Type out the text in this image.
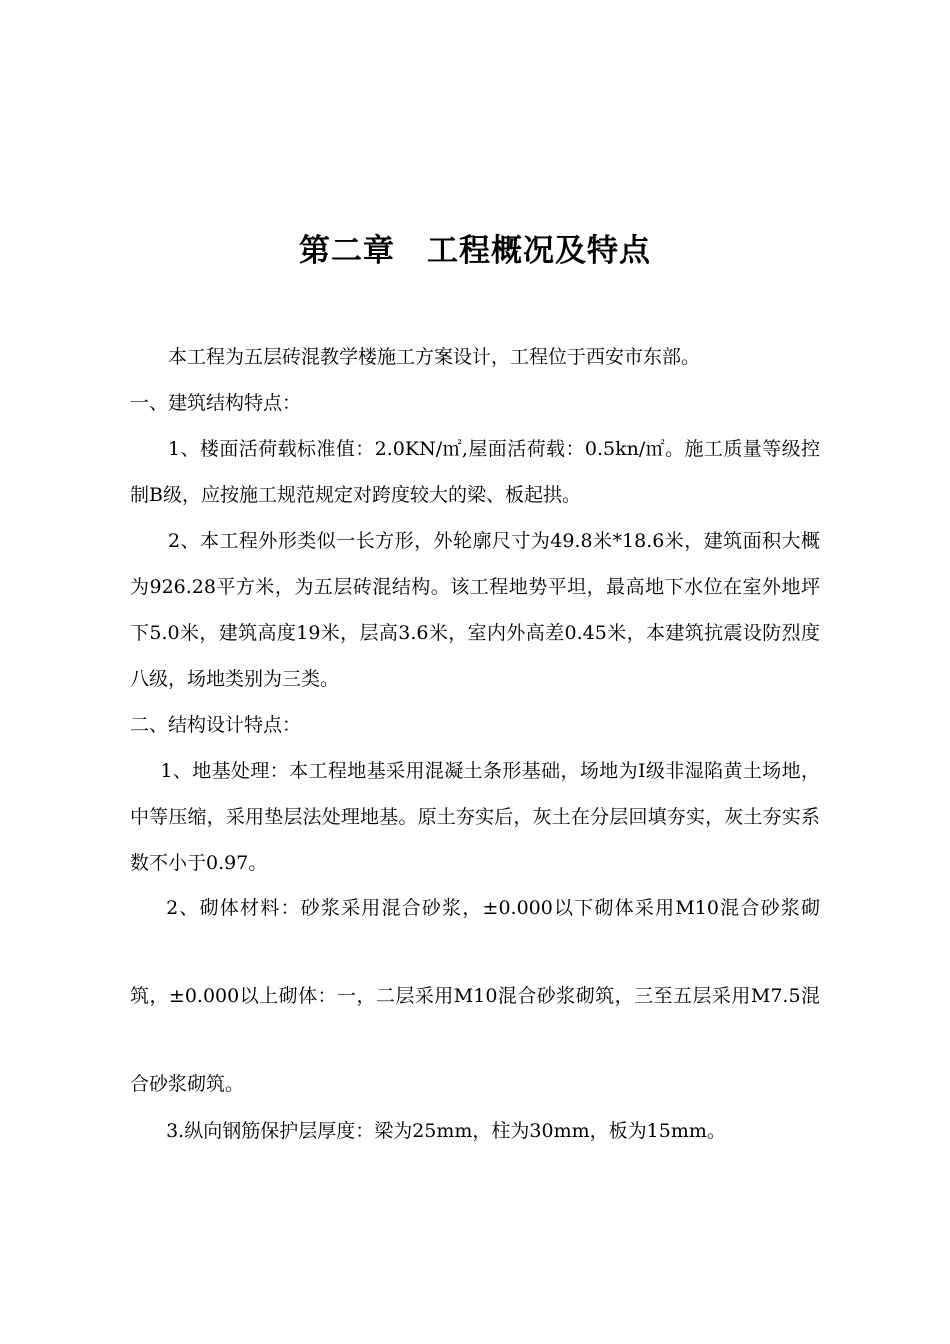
第二章　工程概况及特点

本工程为五层砖混教学楼施工方案设计，工程位于西安市东部。

一、建筑结构特点：

1、楼面活荷载标准值：2.0KN/㎡,屋面活荷载：0.5kn/㎡。施工质量等级控制B级，应按施工规范规定对跨度较大的梁、板起拱。

2、本工程外形类似一长方形，外轮廓尺寸为49.8米*18.6米，建筑面积大概为926.28平方米，为五层砖混结构。该工程地势平坦，最高地下水位在室外地坪下5.0米，建筑高度19米，层高3.6米，室内外高差0.45米，本建筑抗震设防烈度八级，场地类别为三类。

二、结构设计特点：

1、地基处理：本工程地基采用混凝土条形基础，场地为Ⅰ级非湿陷黄土场地，中等压缩，采用垫层法处理地基。原土夯实后，灰土在分层回填夯实，灰土夯实系数不小于0.97。

2、砌体材料：砂浆采用混合砂浆，±0.000以下砌体采用M10混合砂浆砌筑，±0.000以上砌体：一，二层采用M10混合砂浆砌筑，三至五层采用M7.5混合砂浆砌筑。

3.纵向钢筋保护层厚度：梁为25mm，柱为30mm，板为15mm。
